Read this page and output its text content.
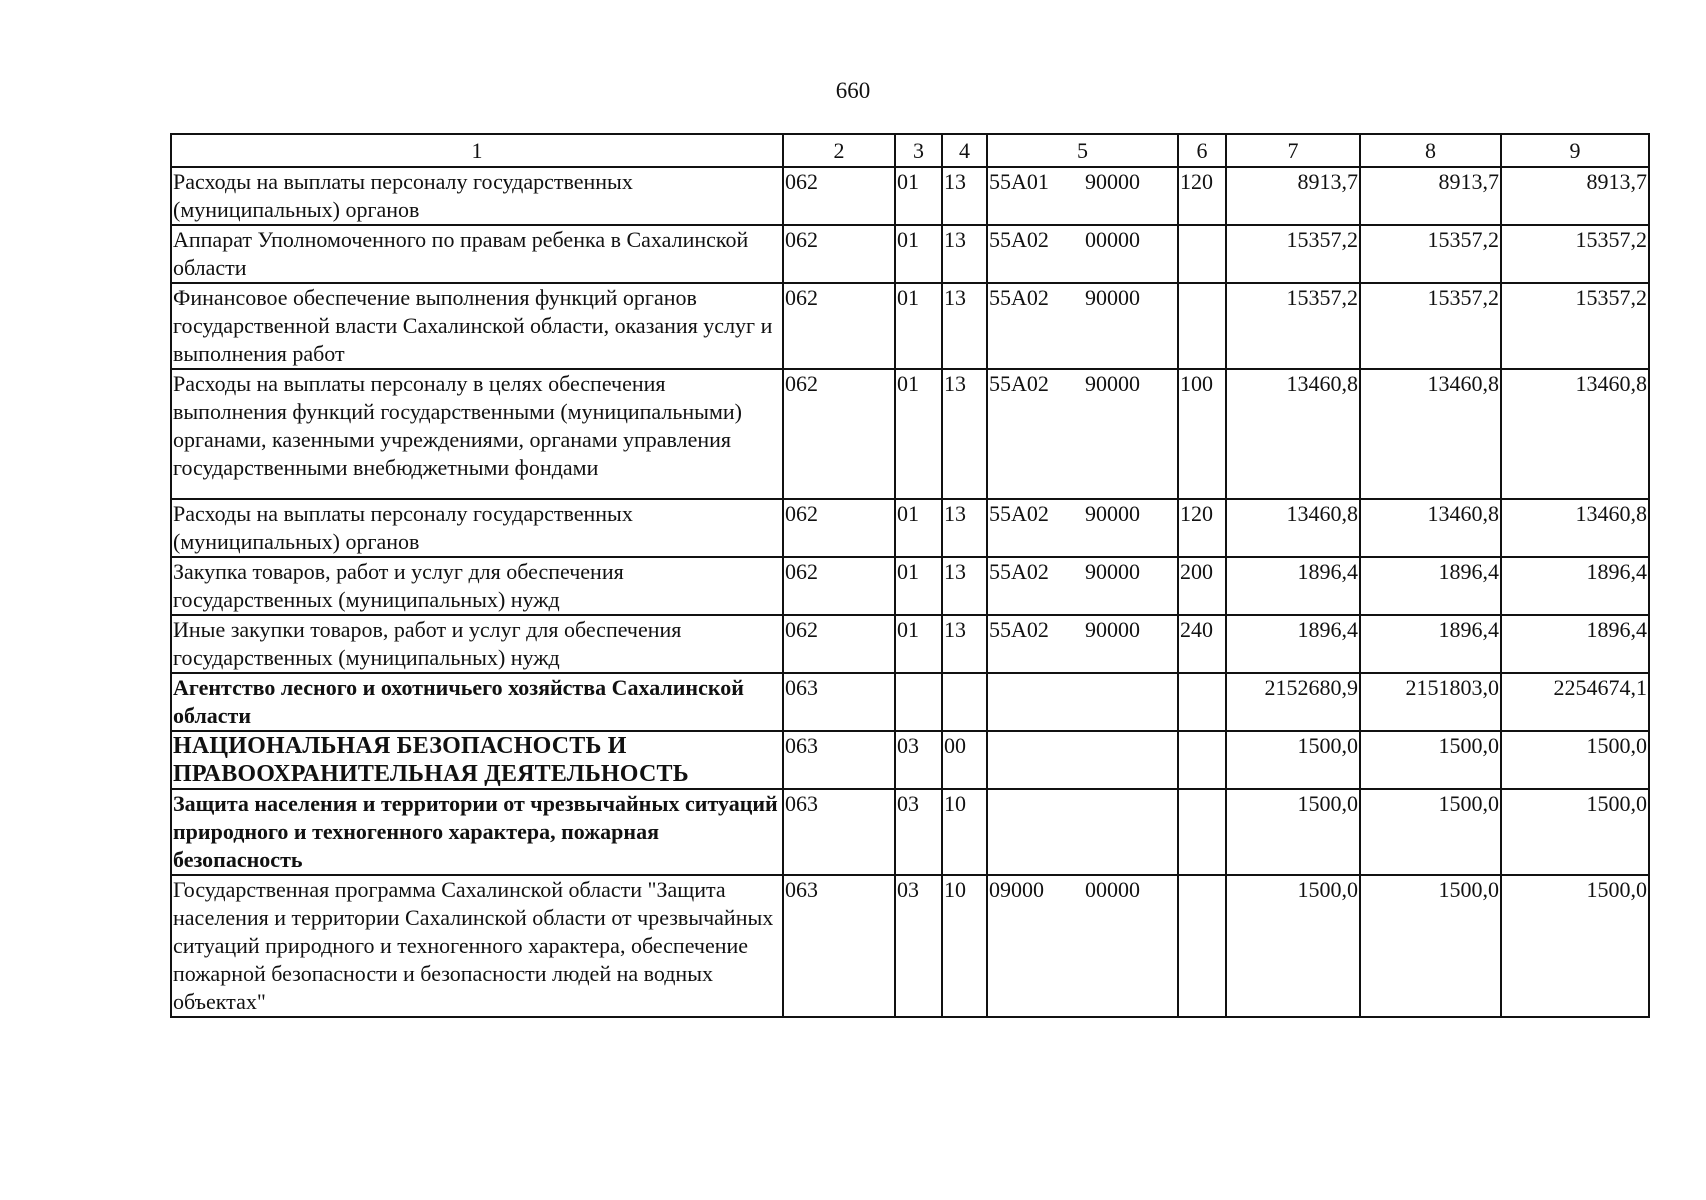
660
1	2	3	4	5	6	7	8	9
Расходы на выплаты персоналу государственных (муниципальных) органов	062	01	13	55А01 90000	120	8913,7	8913,7	8913,7
Аппарат Уполномоченного по правам ребенка в Сахалинской области	062	01	13	55А02 00000		15357,2	15357,2	15357,2
Финансовое обеспечение выполнения функций органов государственной власти Сахалинской области, оказания услуг и выполнения работ	062	01	13	55А02 90000		15357,2	15357,2	15357,2
Расходы на выплаты персоналу в целях обеспечения выполнения функций государственными (муниципальными) органами, казенными учреждениями, органами управления государственными внебюджетными фондами	062	01	13	55А02 90000	100	13460,8	13460,8	13460,8
Расходы на выплаты персоналу государственных (муниципальных) органов	062	01	13	55А02 90000	120	13460,8	13460,8	13460,8
Закупка товаров, работ и услуг для обеспечения государственных (муниципальных) нужд	062	01	13	55А02 90000	200	1896,4	1896,4	1896,4
Иные закупки товаров, работ и услуг для обеспечения государственных (муниципальных) нужд	062	01	13	55А02 90000	240	1896,4	1896,4	1896,4
Агентство лесного и охотничьего хозяйства Сахалинской области	063					2152680,9	2151803,0	2254674,1
НАЦИОНАЛЬНАЯ БЕЗОПАСНОСТЬ И ПРАВООХРАНИТЕЛЬНАЯ ДЕЯТЕЛЬНОСТЬ	063	03	00			1500,0	1500,0	1500,0
Защита населения и территории от чрезвычайных ситуаций природного и техногенного характера, пожарная безопасность	063	03	10			1500,0	1500,0	1500,0
Государственная программа Сахалинской области "Защита населения и территории Сахалинской области от чрезвычайных ситуаций природного и техногенного характера, обеспечение пожарной безопасности и безопасности людей на водных объектах"	063	03	10	09000 00000		1500,0	1500,0	1500,0
